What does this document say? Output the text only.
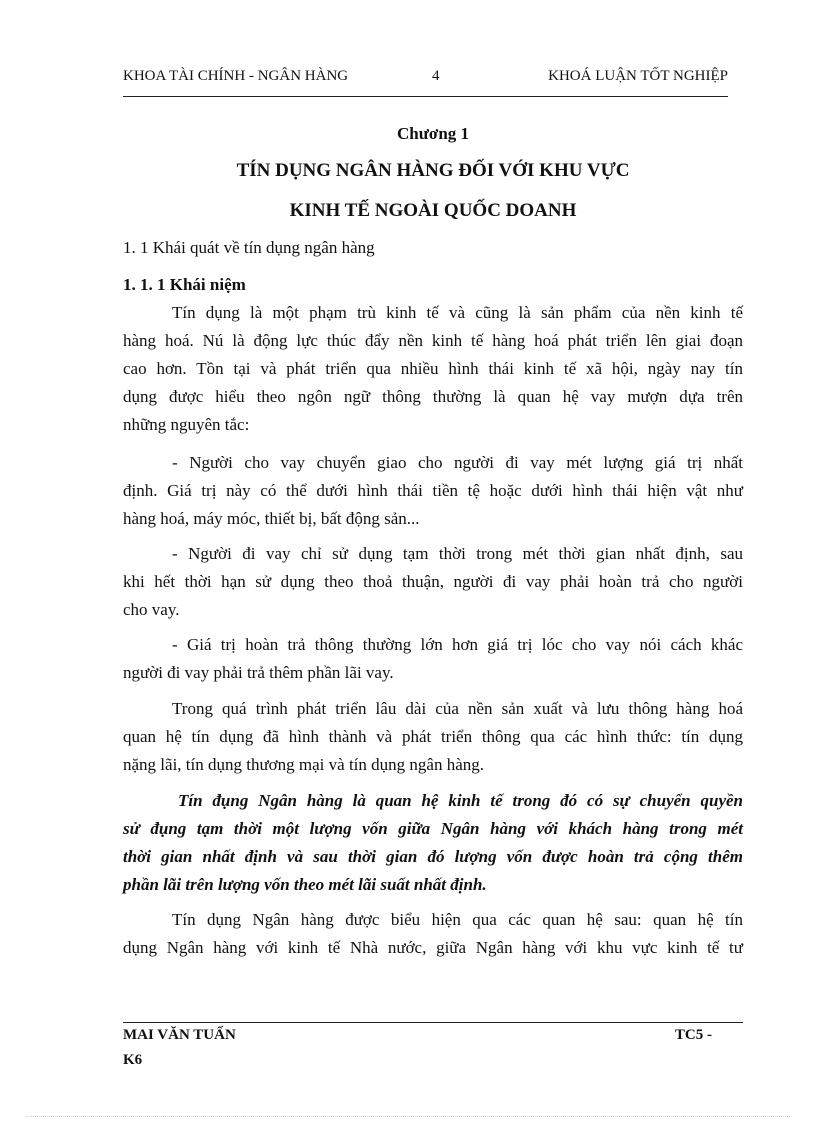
KHOA TÀI CHÍNH - NGÂN HÀNG	4	KHOÁ LUẬN TỐT NGHIỆP
Chương 1
TÍN DỤNG NGÂN HÀNG ĐỐI VỚI KHU VỰC
KINH TẾ NGOÀI QUỐC DOANH
1. 1 Khái quát về tín dụng ngân hàng
1. 1. 1 Khái niệm
Tín dụng là một phạm trù kinh tế và cũng là sản phẩm của nền kinh tế
hàng hoá. Nú là động lực thúc đẩy nền kinh tế hàng hoá phát triển lên giai đoạn
cao hơn. Tồn tại và phát triển qua nhiều hình thái kinh tế xã hội, ngày nay tín
dụng được hiểu theo ngôn ngữ thông thường là quan hệ vay mượn dựa trên
những nguyên tắc:
- Người cho vay chuyển giao cho người đi vay mét lượng giá trị nhất
định. Giá trị này có thể dưới hình thái tiền tệ hoặc dưới hình thái hiện vật như
hàng hoá, máy móc, thiết bị, bất động sản...
- Người đi vay chỉ sử dụng tạm thời trong mét thời gian nhất định, sau
khi hết thời hạn sử dụng theo thoả thuận, người đi vay phải hoàn trả cho người
cho vay.
- Giá trị hoàn trả thông thường lớn hơn giá trị lóc cho vay nói cách khác
người đi vay phải trả thêm phần lãi vay.
Trong quá trình phát triển lâu dài của nền sản xuất và lưu thông hàng hoá
quan hệ tín dụng đã hình thành và phát triển thông qua các hình thức: tín dụng
nặng lãi, tín dụng thương mại và tín dụng ngân hàng.
Tín đụng Ngân hàng là quan hệ kinh tế trong đó có sự chuyển quyền
sử đụng tạm thời một lượng vốn giữa Ngân hàng với khách hàng trong mét
thời gian nhất định và sau thời gian đó lượng vốn được hoàn trả cộng thêm
phần lãi trên lượng vốn theo mét lãi suất nhất định.
Tín dụng Ngân hàng được biểu hiện qua các quan hệ sau: quan hệ tín
dụng Ngân hàng với kinh tế Nhà nước, giữa Ngân hàng với khu vực kinh tế tư
MAI VĂN TUẤN
K6
TC5 -
